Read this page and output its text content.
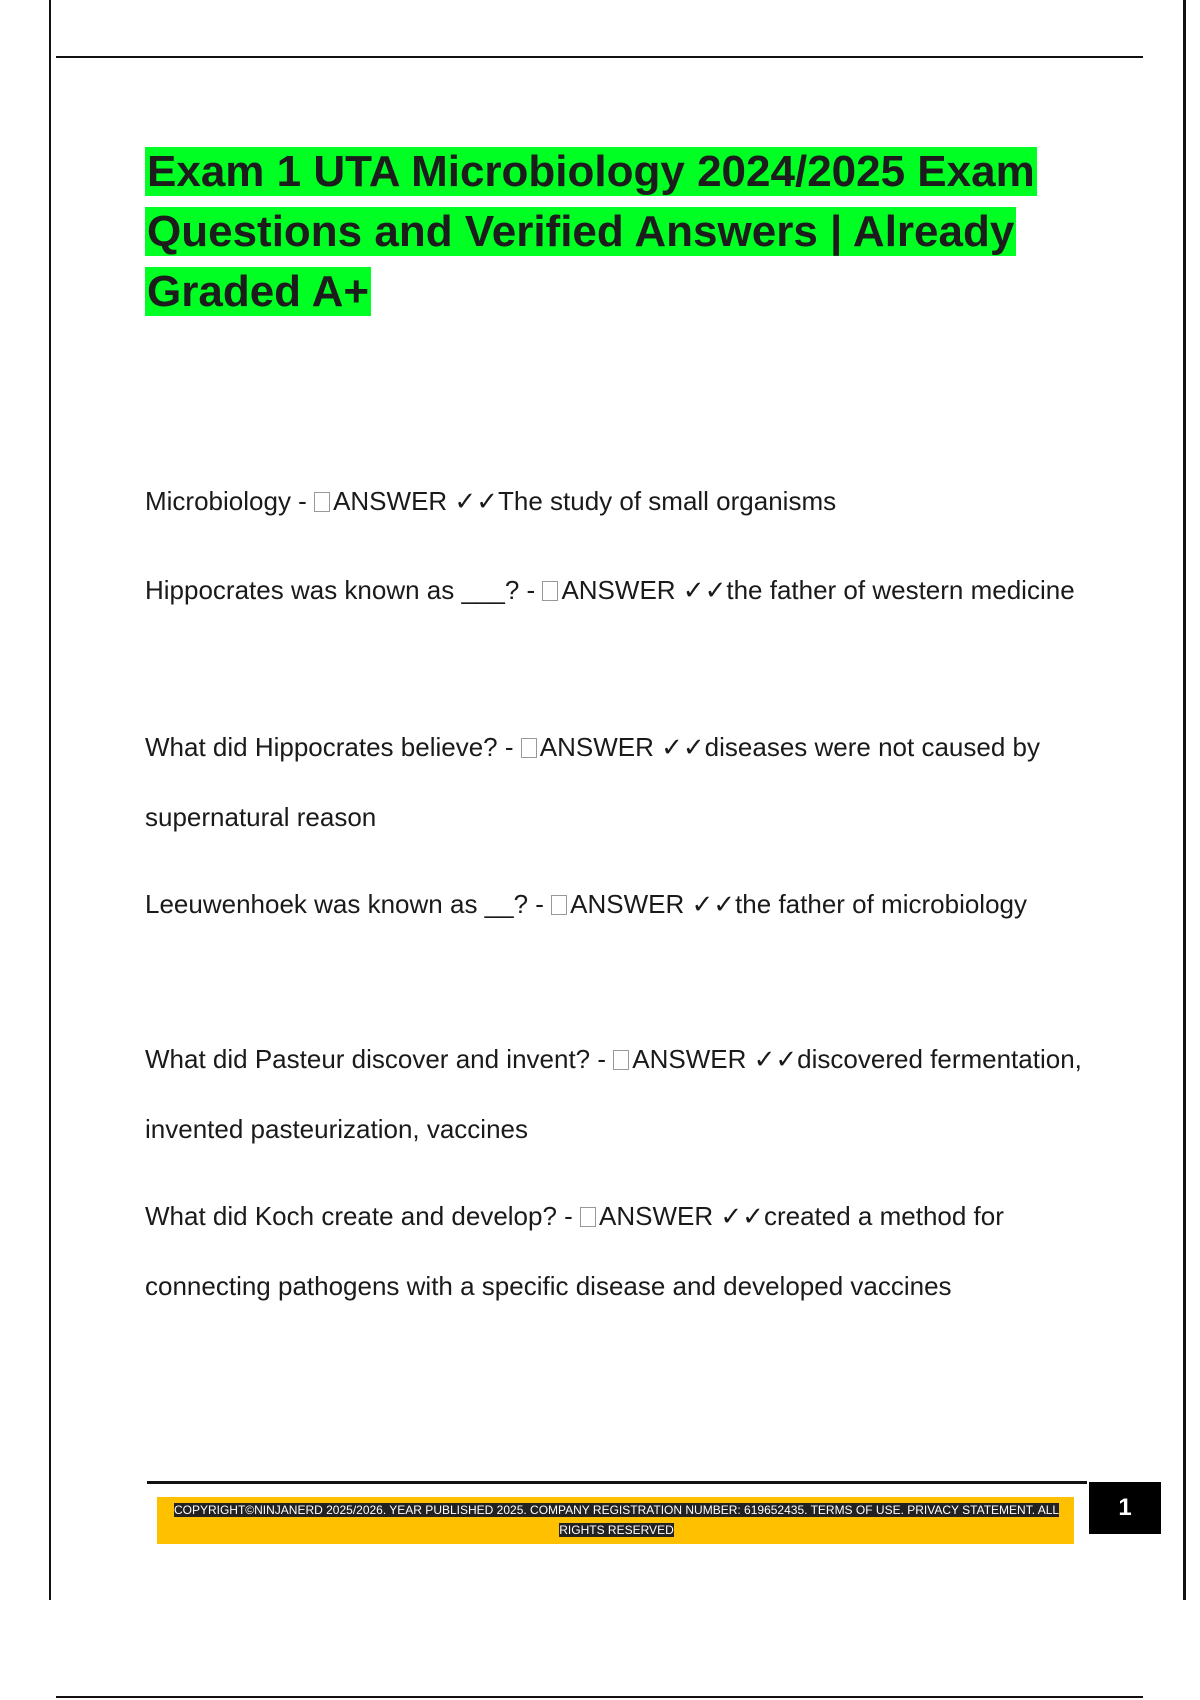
Exam 1 UTA Microbiology 2024/2025 Exam Questions and Verified Answers | Already Graded A+

Microbiology - ANSWER ✓✓The study of small organisms

Hippocrates was known as ___? - ANSWER ✓✓the father of western medicine

What did Hippocrates believe? - ANSWER ✓✓diseases were not caused by supernatural reason

Leeuwenhoek was known as __? - ANSWER ✓✓the father of microbiology

What did Pasteur discover and invent? - ANSWER ✓✓discovered fermentation, invented pasteurization, vaccines

What did Koch create and develop? - ANSWER ✓✓created a method for connecting pathogens with a specific disease and developed vaccines

COPYRIGHT©NINJANERD 2025/2026. YEAR PUBLISHED 2025. COMPANY REGISTRATION NUMBER: 619652435. TERMS OF USE. PRIVACY STATEMENT. ALL RIGHTS RESERVED
1
